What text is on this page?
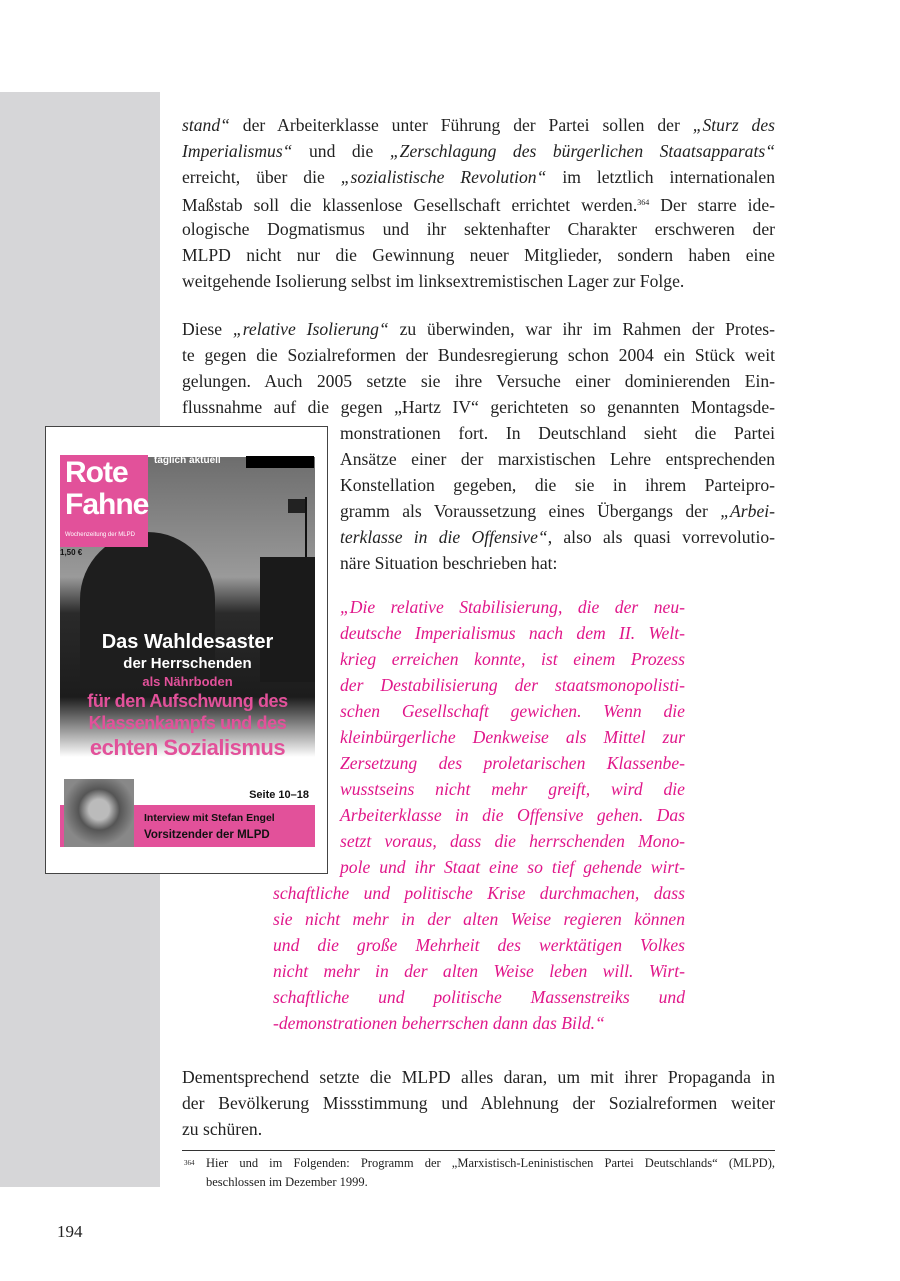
stand“ der Arbeiterklasse unter Führung der Partei sollen der „Sturz des
Imperialismus“ und die „Zerschlagung des bürgerlichen Staatsapparats“
erreicht, über die „sozialistische Revolution“ im letztlich internationalen
Maßstab soll die klassenlose Gesellschaft errichtet werden.$^{364}$ Der starre ide-
ologische Dogmatismus und ihr sektenhafter Charakter erschweren der
MLPD nicht nur die Gewinnung neuer Mitglieder, sondern haben eine
weitgehende Isolierung selbst im linksextremistischen Lager zur Folge.
Diese „relative Isolierung“ zu überwinden, war ihr im Rahmen der Protes-
te gegen die Sozialreformen der Bundesregierung schon 2004 ein Stück weit
gelungen. Auch 2005 setzte sie ihre Versuche einer dominierenden Ein-
flussnahme auf die gegen „Hartz IV“ gerichteten so genannten Montagsde-
monstrationen fort. In Deutschland sieht die Partei
Ansätze einer der marxistischen Lehre entsprechenden
Konstellation gegeben, die sie in ihrem Parteipro-
gramm als Voraussetzung eines Übergangs der „Arbei-
terklasse in die Offensive“, also als quasi vorrevolutio-
näre Situation beschrieben hat:
„Die relative Stabilisierung, die der neu-
deutsche Imperialismus nach dem II. Welt-
krieg erreichen konnte, ist einem Prozess
der Destabilisierung der staatsmonopolisti-
schen Gesellschaft gewichen. Wenn die
kleinbürgerliche Denkweise als Mittel zur
Zersetzung des proletarischen Klassenbe-
wusstseins nicht mehr greift, wird die
Arbeiterklasse in die Offensive gehen. Das
setzt voraus, dass die herrschenden Mono-
pole und ihr Staat eine so tief gehende wirt-
schaftliche und politische Krise durchmachen, dass
sie nicht mehr in der alten Weise regieren können
und die große Mehrheit des werktätigen Volkes
nicht mehr in der alten Weise leben will. Wirt-
schaftliche und politische Massenstreiks und
-demonstrationen beherrschen dann das Bild.“
Dementsprechend setzte die MLPD alles daran, um mit ihrer Propaganda in
der Bevölkerung Missstimmung und Ablehnung der Sozialreformen weiter
zu schüren.
Rote
Fahne
Wochenzeitung der MLPD
1,50 €
täglich aktuell
Das Wahldesaster
der Herrschenden
als Nährboden
für den Aufschwung des
Klassenkampfs und des
echten Sozialismus
Seite 10–18
Interview mit Stefan Engel
Vorsitzender der MLPD
364 Hier und im Folgenden: Programm der „Marxistisch-Leninistischen Partei Deutschlands“ (MLPD),
beschlossen im Dezember 1999.
194
